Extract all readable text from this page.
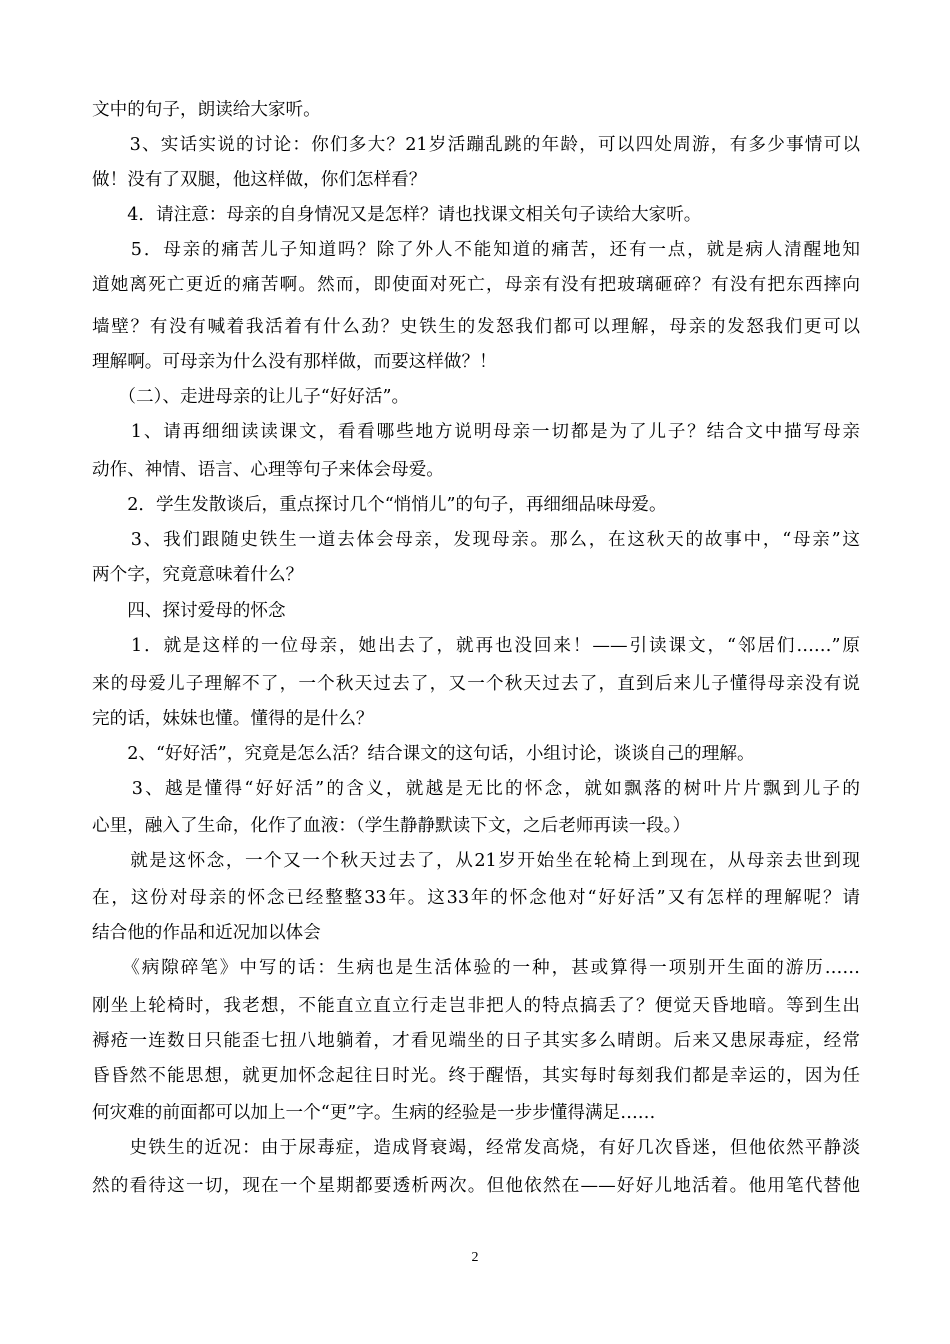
文中的句子，朗读给大家听。
　　3、实话实说的讨论：你们多大？21岁活蹦乱跳的年龄，可以四处周游，有多少事情可以
做！没有了双腿，他这样做，你们怎样看？
　　4．请注意：母亲的自身情况又是怎样？请也找课文相关句子读给大家听。
　　5．母亲的痛苦儿子知道吗？除了外人不能知道的痛苦，还有一点，就是病人清醒地知
道她离死亡更近的痛苦啊。然而，即使面对死亡，母亲有没有把玻璃砸碎？有没有把东西摔向
墙壁？有没有喊着我活着有什么劲？史铁生的发怒我们都可以理解，母亲的发怒我们更可以
理解啊。可母亲为什么没有那样做，而要这样做？！
　　（二）、走进母亲的让儿子“好好活”。
　　1、请再细细读读课文，看看哪些地方说明母亲一切都是为了儿子？结合文中描写母亲
动作、神情、语言、心理等句子来体会母爱。
　　2．学生发散谈后，重点探讨几个“悄悄儿”的句子，再细细品味母爱。
　　3、我们跟随史铁生一道去体会母亲，发现母亲。那么，在这秋天的故事中，“母亲”这
两个字，究竟意味着什么？
　　四、探讨爱母的怀念
　　1．就是这样的一位母亲，她出去了，就再也没回来！——引读课文，“邻居们……”原
来的母爱儿子理解不了，一个秋天过去了，又一个秋天过去了，直到后来儿子懂得母亲没有说
完的话，妹妹也懂。懂得的是什么？
　　2、“好好活”，究竟是怎么活？结合课文的这句话，小组讨论，谈谈自己的理解。
　　3、越是懂得“好好活”的含义，就越是无比的怀念，就如飘落的树叶片片飘到儿子的
心里，融入了生命，化作了血液：（学生静静默读下文，之后老师再读一段。）
　　就是这怀念，一个又一个秋天过去了，从21岁开始坐在轮椅上到现在，从母亲去世到现
在，这份对母亲的怀念已经整整33年。这33年的怀念他对“好好活”又有怎样的理解呢？请
结合他的作品和近况加以体会
　　《病隙碎笔》中写的话：生病也是生活体验的一种，甚或算得一项别开生面的游历……
刚坐上轮椅时，我老想，不能直立直立行走岂非把人的特点搞丢了？便觉天昏地暗。等到生出
褥疮一连数日只能歪七扭八地躺着，才看见端坐的日子其实多么晴朗。后来又患尿毒症，经常
昏昏然不能思想，就更加怀念起往日时光。终于醒悟，其实每时每刻我们都是幸运的，因为任
何灾难的前面都可以加上一个“更”字。生病的经验是一步步懂得满足……
　　史铁生的近况：由于尿毒症，造成肾衰竭，经常发高烧，有好几次昏迷，但他依然平静淡
然的看待这一切，现在一个星期都要透析两次。但他依然在——好好儿地活着。他用笔代替他
2
